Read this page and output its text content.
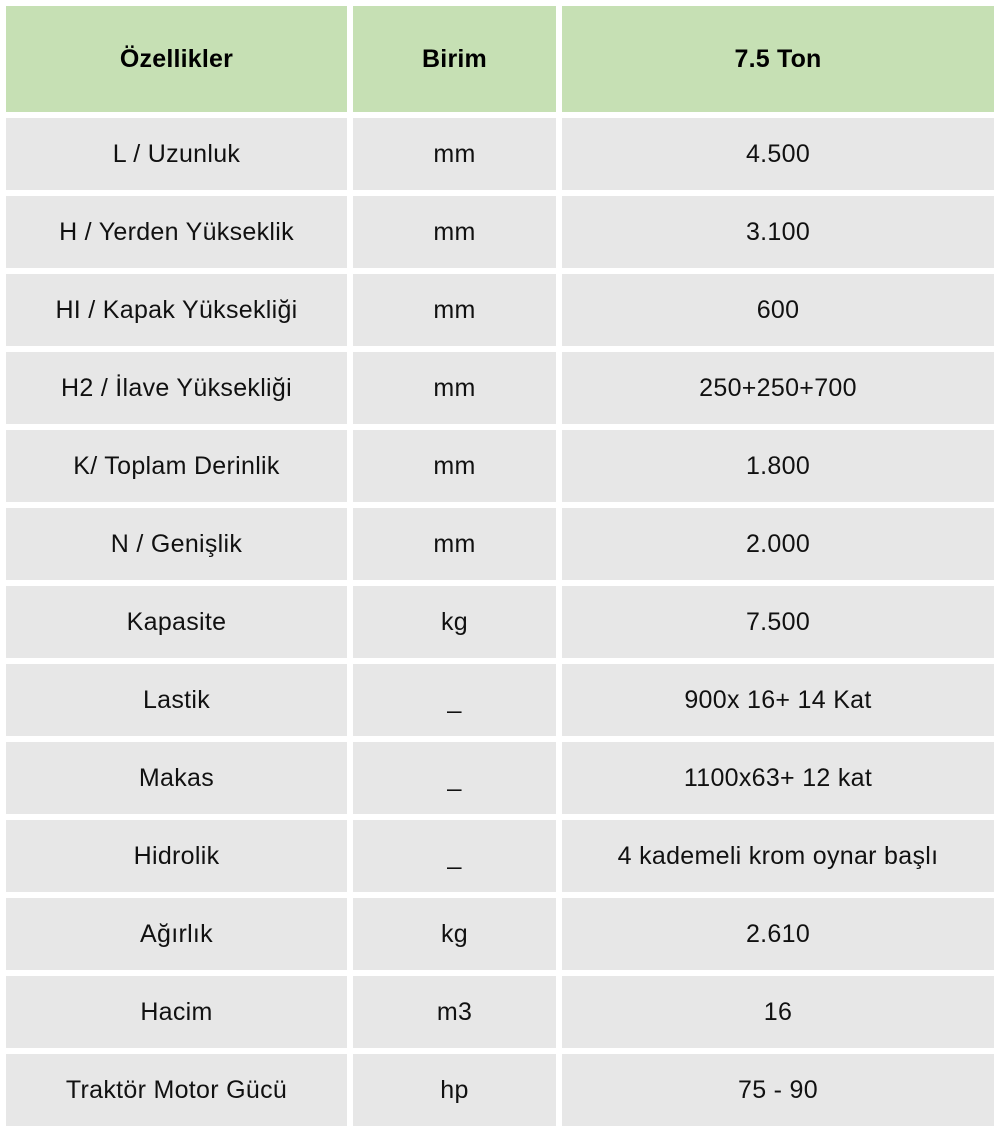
Özellikler	Birim	7.5 Ton
L / Uzunluk	mm	4.500
H / Yerden Yükseklik	mm	3.100
HI / Kapak Yüksekliği	mm	600
H2 / İlave Yüksekliği	mm	250+250+700
K/ Toplam Derinlik	mm	1.800
N / Genişlik	mm	2.000
Kapasite	kg	7.500
Lastik	_	900x 16+ 14 Kat
Makas	_	1100x63+ 12 kat
Hidrolik	_	4 kademeli krom oynar başlı
Ağırlık	kg	2.610
Hacim	m3	16
Traktör Motor Gücü	hp	75 - 90
